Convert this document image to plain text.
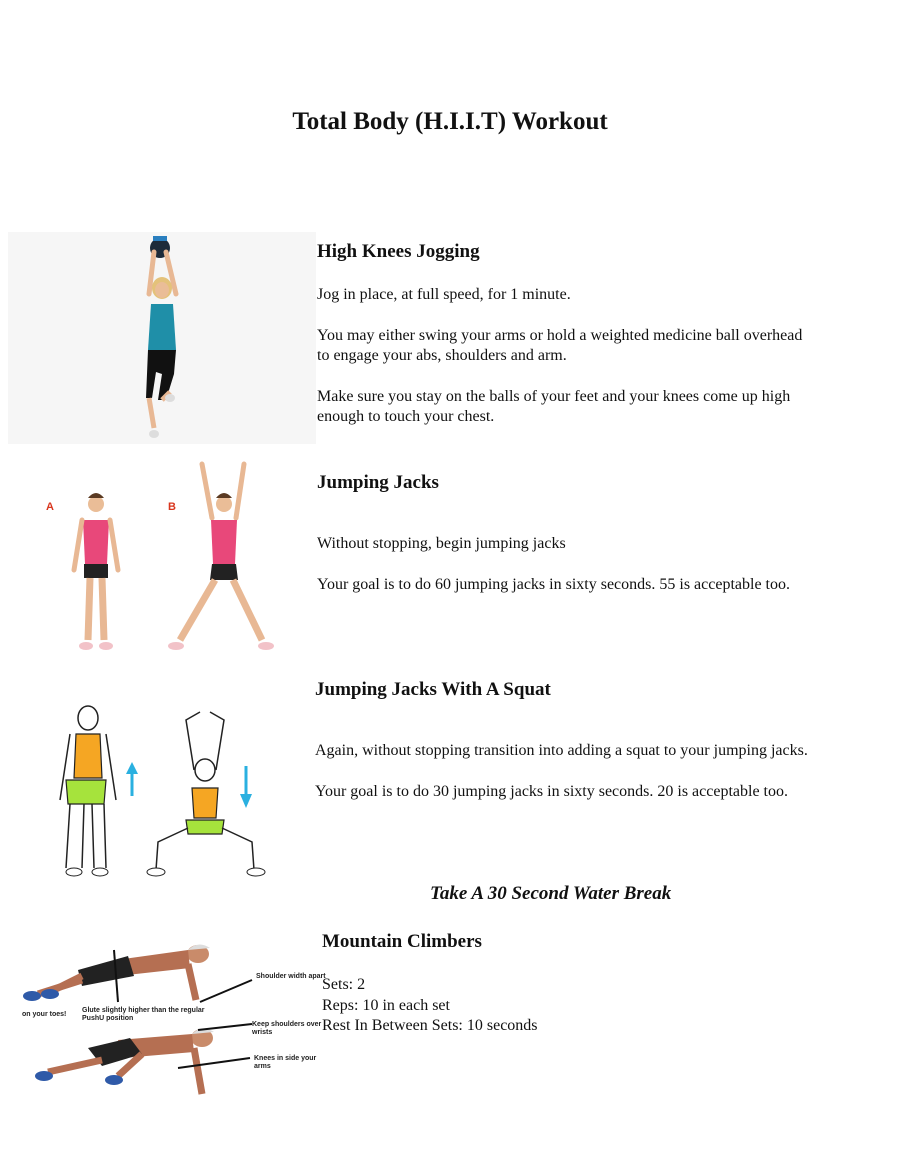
Total Body (H.I.I.T) Workout
High Knees Jogging

Jog in place, at full speed, for 1 minute.

You may either swing your arms or hold a weighted medicine ball overhead to engage your abs, shoulders and arm.

Make sure you stay on the balls of your feet and your knees come up high enough to touch your chest.

A	B
Jumping Jacks

Without stopping, begin jumping jacks

Your goal is to do 60 jumping jacks in sixty seconds. 55 is acceptable too.

Jumping Jacks With A Squat

Again, without stopping transition into adding a squat to your jumping jacks.

Your goal is to do 30 jumping jacks in sixty seconds. 20 is acceptable too.

Take A 30 Second Water Break
Shoulder width apart
Glute slightly higher than the regular
PushU position
on your toes!
Keep shoulders over
wrists
Knees in side your
arms
Mountain Climbers

Sets: 2

Reps: 10 in each set

Rest In Between Sets: 10 seconds
